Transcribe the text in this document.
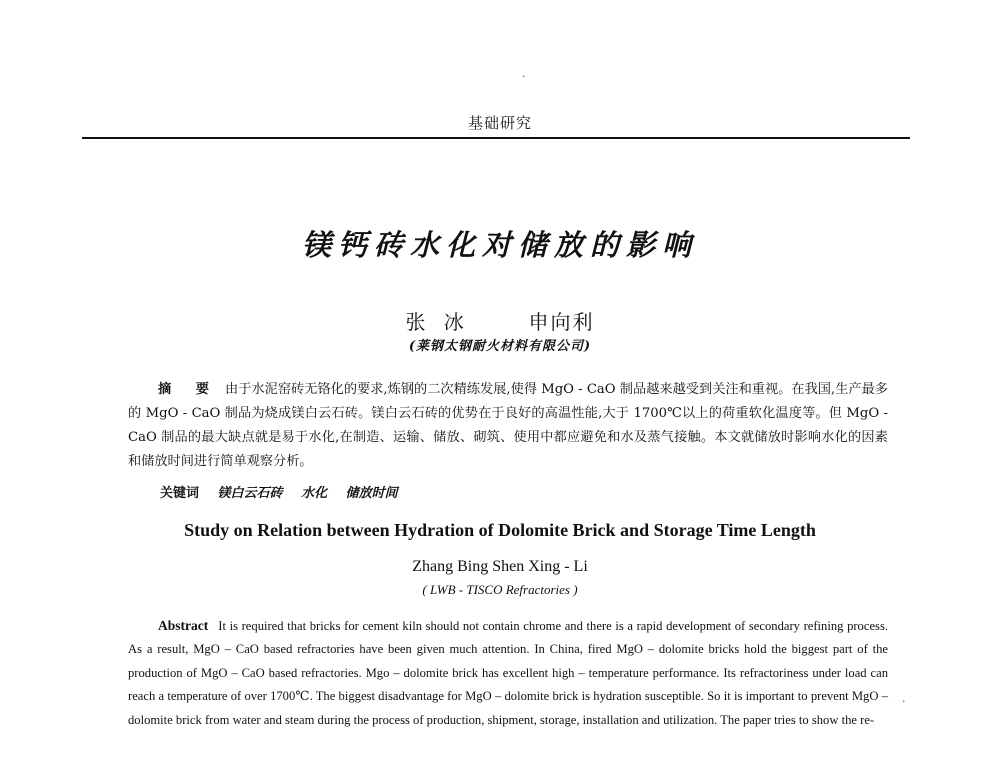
·
·
基础研究
镁钙砖水化对储放的影响
张 冰	申向利
(莱钢太钢耐火材料有限公司)

摘 要 由于水泥窑砖无铬化的要求,炼钢的二次精练发展,使得 MgO - CaO 制品越来越受到关注和重视。在我国,生产最多的 MgO - CaO 制品为烧成镁白云石砖。镁白云石砖的优势在于良好的高温性能,大于 1700℃以上的荷重软化温度等。但 MgO - CaO 制品的最大缺点就是易于水化,在制造、运输、储放、砌筑、使用中都应避免和水及蒸气接触。本文就储放时影响水化的因素和储放时间进行简单观察分析。

关键词 镁白云石砖 水化 储放时间
Study on Relation between Hydration of Dolomite Brick and Storage Time Length
Zhang Bing Shen Xing - Li
( LWB - TISCO Refractories )

Abstract It is required that bricks for cement kiln should not contain chrome and there is a rapid development of secondary refining process. As a result, MgO – CaO based refractories have been given much attention. In China, fired MgO – dolomite bricks hold the biggest part of the production of MgO – CaO based refractories. Mgo – dolomite brick has excellent high – temperature performance. Its refractoriness under load can reach a temperature of over 1700℃. The biggest disadvantage for MgO – dolomite brick is hydration susceptible. So it is important to prevent MgO – dolomite brick from water and steam during the process of production, shipment, storage, installation and utilization. The paper tries to show the re-
